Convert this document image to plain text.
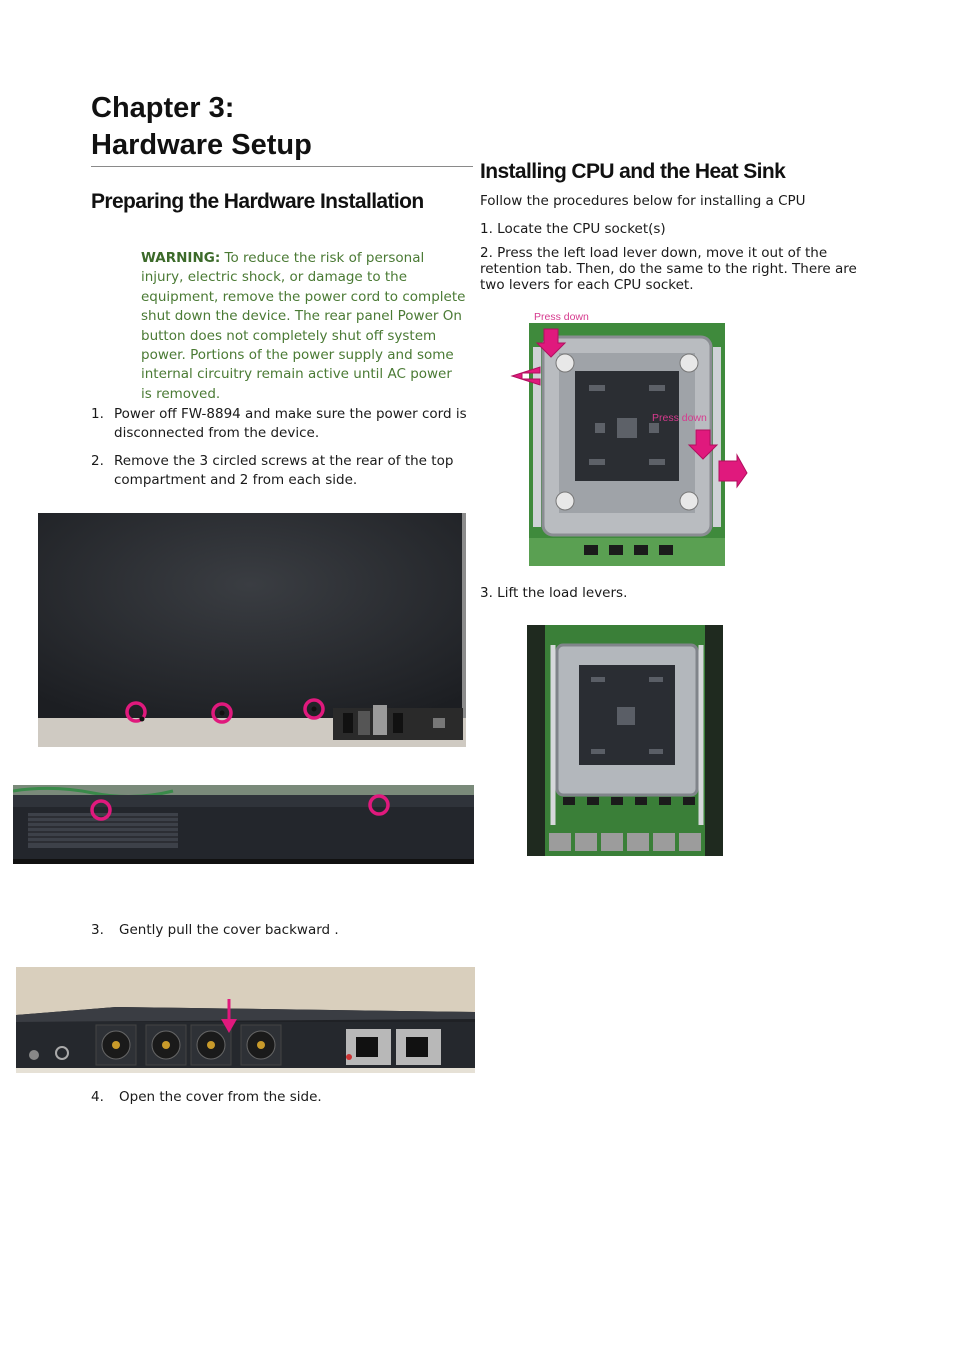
Chapter 3:
Hardware Setup
Preparing the Hardware Installation
WARNING: To reduce the risk of personal injury, electric shock, or damage to the equipment, remove the power cord to complete shut down the device. The rear panel Power On button does not completely shut off system power. Portions of the power supply and some internal circuitry remain active until AC power is removed.
1. Power off FW-8894 and make sure the power cord is disconnected from the device.
2. Remove the 3 circled screws at the rear of the top compartment and 2 from each side.
3. Gently pull the cover backward .
4. Open the cover from the side.
Installing CPU and the Heat Sink
Follow the procedures below for installing a CPU
1. Locate the CPU socket(s)
2. Press the left load lever down, move it out of the retention tab. Then, do the same to the right. There are two levers for each CPU socket.
Press down
Press down
3. Lift the load levers.
